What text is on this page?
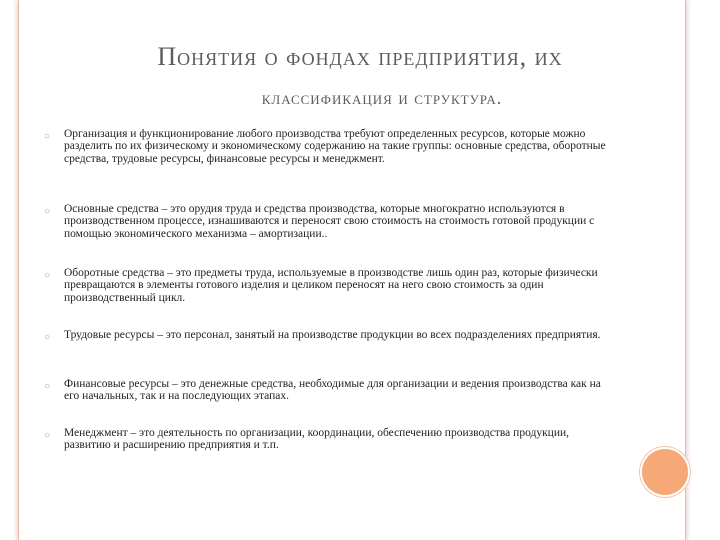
Понятия о фондах предприятия, их
классификация и структура.
○ Организация и функционирование любого производства требуют определенных ресурсов, которые можно разделить по их физическому и экономическому содержанию на такие группы: основные средства, оборотные средства, трудовые ресурсы, финансовые ресурсы и менеджмент.
○ Основные средства – это орудия труда и средства производства, которые многократно используются в производственном процессе, изнашиваются и переносят свою стоимость на стоимость готовой продукции с помощью экономического механизма – амортизации..
○ Оборотные средства – это предметы труда, используемые в производстве лишь один раз, которые физически превращаются в элементы готового изделия и целиком переносят на него свою стоимость за один производственный цикл.
○ Трудовые ресурсы – это персонал, занятый на производстве продукции во всех подразделениях предприятия.
○ Финансовые ресурсы – это денежные средства, необходимые для организации и ведения производства как на его начальных, так и на последующих этапах.
○ Менеджмент – это деятельность по организации, координации, обеспечению производства продукции, развитию и расширению предприятия и т.п.
